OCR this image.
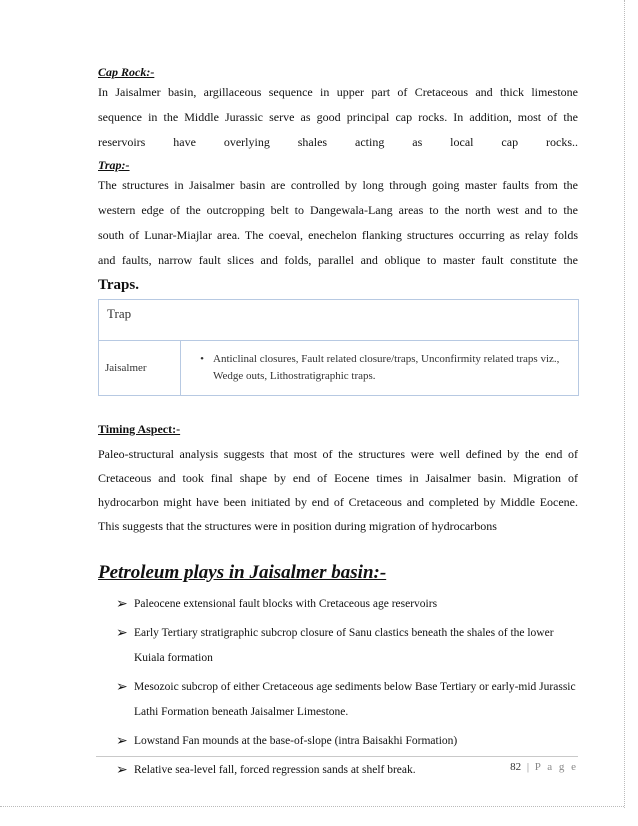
Cap Rock:-

In Jaisalmer basin, argillaceous sequence in upper part of Cretaceous and thick limestone
sequence in the Middle Jurassic serve as good principal cap rocks. In addition, most of the
reservoirs have overlying shales acting as local cap rocks..

Trap:-

The structures in Jaisalmer basin are controlled by long through going master faults from the
western edge of the outcropping belt to Dangewala-Lang areas to the north west and to the
south of Lunar-Miajlar area. The coeval, enechelon flanking structures occurring as relay folds
and faults, narrow fault slices and folds, parallel and oblique to master fault constitute the
Traps.
Trap

Jaisalmer	
• Anticlinal closures, Fault related closure/traps, Unconfirmity related traps viz., Wedge outs, Lithostratigraphic traps.
Timing Aspect:-
Paleo-structural analysis suggests that most of the structures were well defined by the end of
Cretaceous and took final shape by end of Eocene times in Jaisalmer basin. Migration of
hydrocarbon might have been initiated by end of Cretaceous and completed by Middle Eocene.
This suggests that the structures were in position during migration of hydrocarbons
Petroleum plays in Jaisalmer basin:-
➢ Paleocene extensional fault blocks with Cretaceous age reservoirs
➢ Early Tertiary stratigraphic subcrop closure of Sanu clastics beneath the shales of the lower Kuiala formation
➢ Mesozoic subcrop of either Cretaceous age sediments below Base Tertiary or early-mid Jurassic Lathi Formation beneath Jaisalmer Limestone.
➢ Lowstand Fan mounds at the base-of-slope (intra Baisakhi Formation)
➢ Relative sea-level fall, forced regression sands at shelf break.	82 | P a g e
